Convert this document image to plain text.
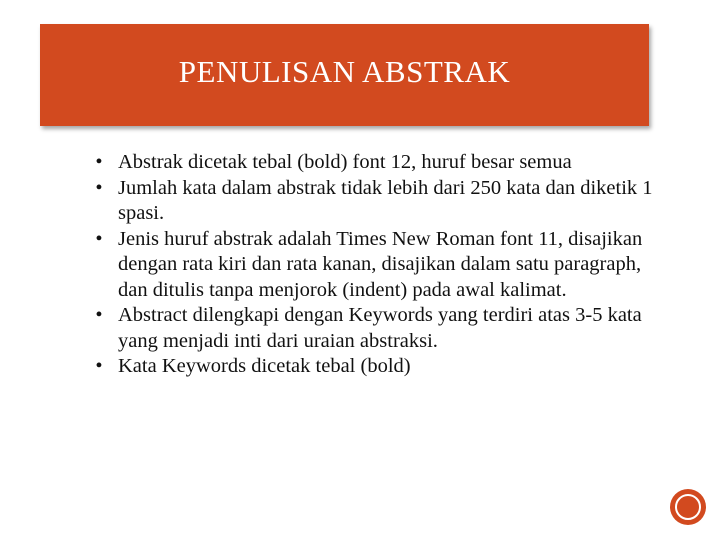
PENULISAN ABSTRAK
• Abstrak dicetak tebal (bold) font 12, huruf besar semua
• Jumlah kata dalam abstrak tidak lebih dari 250 kata dan diketik 1 spasi.
• Jenis huruf abstrak adalah Times New Roman font 11, disajikan dengan rata kiri dan rata kanan, disajikan dalam satu paragraph, dan ditulis tanpa menjorok (indent) pada awal kalimat.
• Abstract dilengkapi dengan Keywords yang terdiri atas 3-5 kata yang menjadi inti dari uraian abstraksi.
• Kata Keywords dicetak tebal (bold)
